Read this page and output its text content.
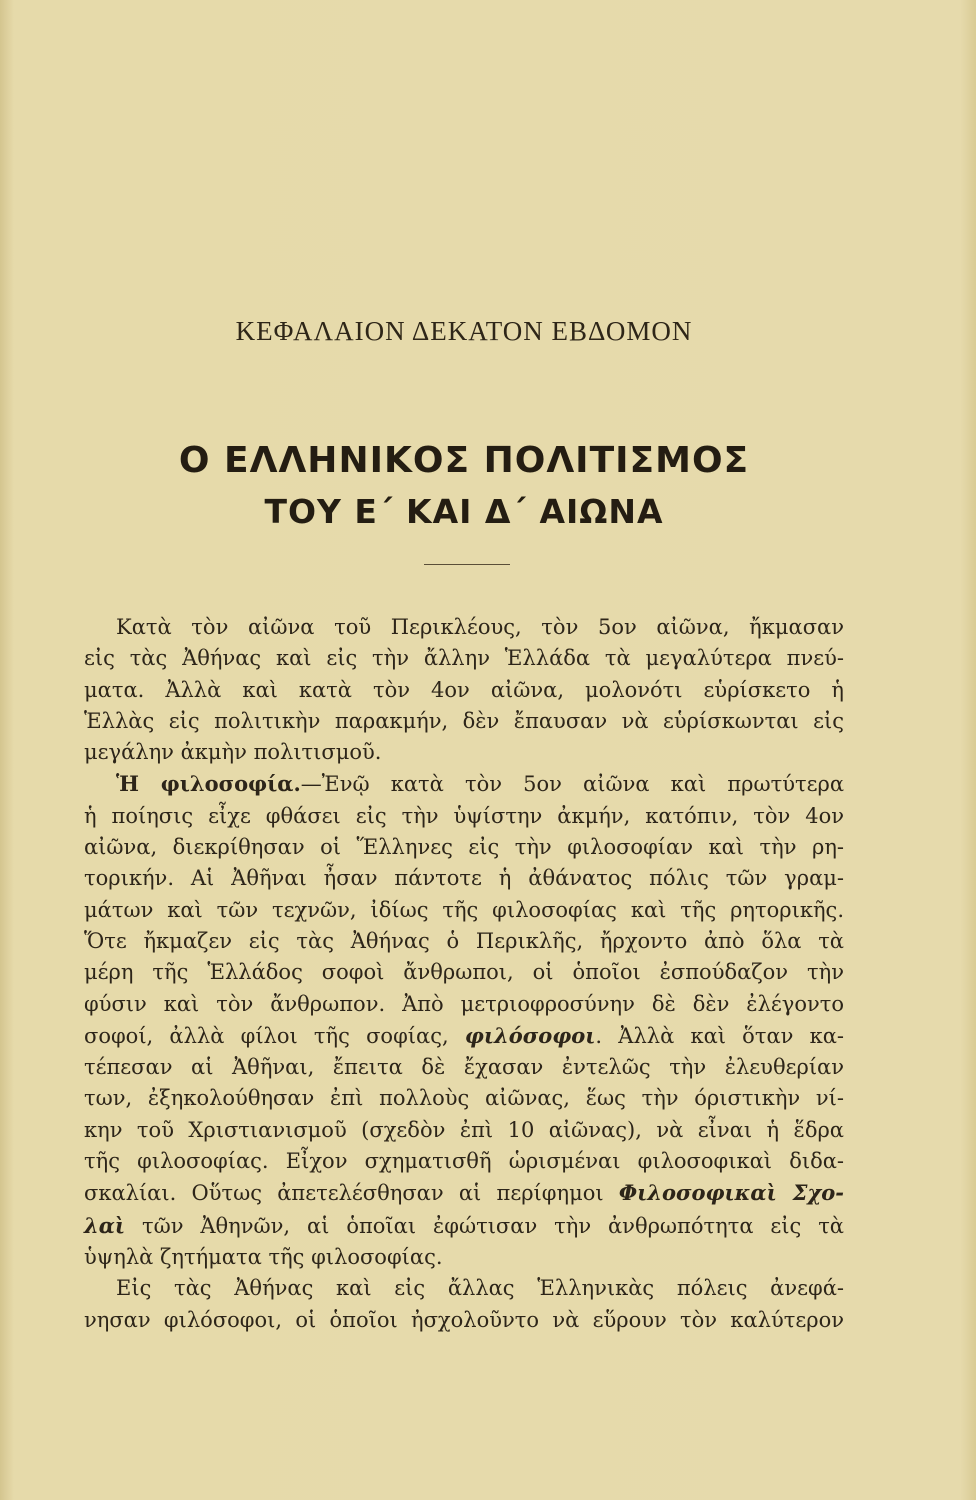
ΚΕΦΑΛΑΙΟΝ ΔΕΚΑΤΟΝ ΕΒΔΟΜΟΝ
Ο ΕΛΛΗΝΙΚΟΣ ΠΟΛΙΤΙΣΜΟΣ
ΤΟΥ Ε΄ ΚΑΙ Δ΄ ΑΙΩΝΑ
Κατὰ τὸν αἰῶνα τοῦ Περικλέους, τὸν 5ον αἰῶνα, ἤκμασαν
εἰς τὰς Ἀθήνας καὶ εἰς τὴν ἄλλην Ἑλλάδα τὰ μεγαλύτερα πνεύ-
ματα. Ἀλλὰ καὶ κατὰ τὸν 4ον αἰῶνα, μολονότι εὑρίσκετο ἡ
Ἑλλὰς εἰς πολιτικὴν παρακμήν, δὲν ἔπαυσαν νὰ εὑρίσκωνται εἰς
μεγάλην ἀκμὴν πολιτισμοῦ.
Ἡ φιλοσοφία.—Ἐνῷ κατὰ τὸν 5ον αἰῶνα καὶ πρωτύτερα
ἡ ποίησις εἶχε φθάσει εἰς τὴν ὑψίστην ἀκμήν, κατόπιν, τὸν 4ον
αἰῶνα, διεκρίθησαν οἱ Ἕλληνες εἰς τὴν φιλοσοφίαν καὶ τὴν ρη-
τορικήν. Αἱ Ἀθῆναι ἦσαν πάντοτε ἡ ἀθάνατος πόλις τῶν γραμ-
μάτων καὶ τῶν τεχνῶν, ἰδίως τῆς φιλοσοφίας καὶ τῆς ρητορικῆς.
Ὅτε ἤκμαζεν εἰς τὰς Ἀθήνας ὁ Περικλῆς, ἤρχοντο ἀπὸ ὅλα τὰ
μέρη τῆς Ἑλλάδος σοφοὶ ἄνθρωποι, οἱ ὁποῖοι ἐσπούδαζον τὴν
φύσιν καὶ τὸν ἄνθρωπον. Ἀπὸ μετριοφροσύνην δὲ δὲν ἐλέγοντο
σοφοί, ἀλλὰ φίλοι τῆς σοφίας, φιλόσοφοι. Ἀλλὰ καὶ ὅταν κα-
τέπεσαν αἱ Ἀθῆναι, ἔπειτα δὲ ἔχασαν ἐντελῶς τὴν ἐλευθερίαν
των, ἐξηκολούθησαν ἐπὶ πολλοὺς αἰῶνας, ἕως τὴν όριστικὴν νί-
κην τοῦ Χριστιανισμοῦ (σχεδὸν ἐπὶ 10 αἰῶνας), νὰ εἶναι ἡ ἕδρα
τῆς φιλοσοφίας. Εἶχον σχηματισθῆ ὡρισμέναι φιλοσοφικαὶ διδα-
σκαλίαι. Οὕτως ἀπετελέσθησαν αἱ περίφημοι Φιλοσοφικαὶ Σχο-
λαὶ τῶν Ἀθηνῶν, αἱ ὁποῖαι ἐφώτισαν τὴν ἀνθρωπότητα εἰς τὰ
ὑψηλὰ ζητήματα τῆς φιλοσοφίας.
Εἰς τὰς Ἀθήνας καὶ εἰς ἄλλας Ἑλληνικὰς πόλεις ἀνεφά-
νησαν φιλόσοφοι, οἱ ὁποῖοι ἠσχολοῦντο νὰ εὕρουν τὸν καλύτερον
